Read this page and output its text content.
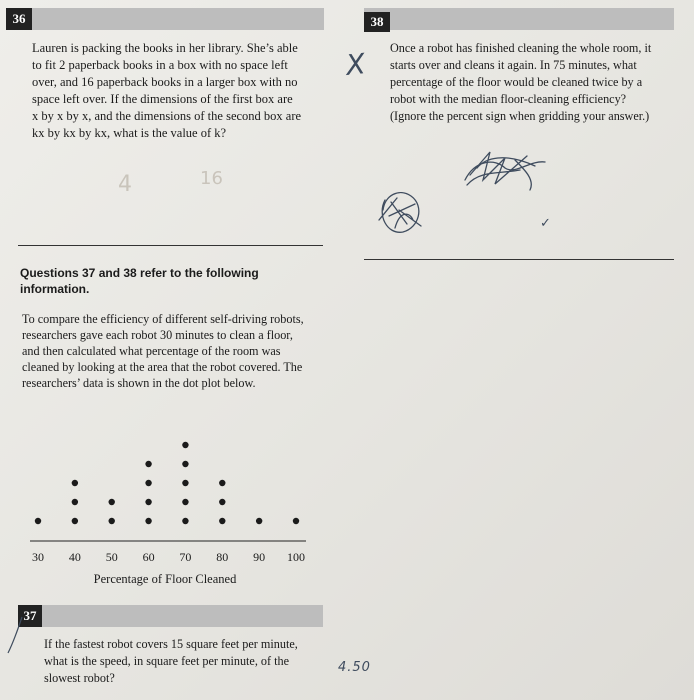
36
Lauren is packing the books in her library. She’s able
to fit 2 paperback books in a box with no space left
over, and 16 paperback books in a larger box with no
space left over. If the dimensions of the first box are
x by x by x, and the dimensions of the second box are
kx by kx by kx, what is the value of k?
4	16
X
38
Once a robot has finished cleaning the whole room, it
starts over and cleans it again. In 75 minutes, what
percentage of the floor would be cleaned twice by a
robot with the median floor-cleaning efficiency?
(Ignore the percent sign when gridding your answer.)
✓
Questions 37 and 38 refer to the following
information.
To compare the efficiency of different self-driving robots,
researchers gave each robot 30 minutes to clean a floor,
and then calculated what percentage of the room was
cleaned by looking at the area that the robot covered. The
researchers’ data is shown in the dot plot below.
30 40 50 60 70 80 90 100
Percentage of Floor Cleaned
37
If the fastest robot covers 15 square feet per minute,
what is the speed, in square feet per minute, of the
slowest robot?
4.50
